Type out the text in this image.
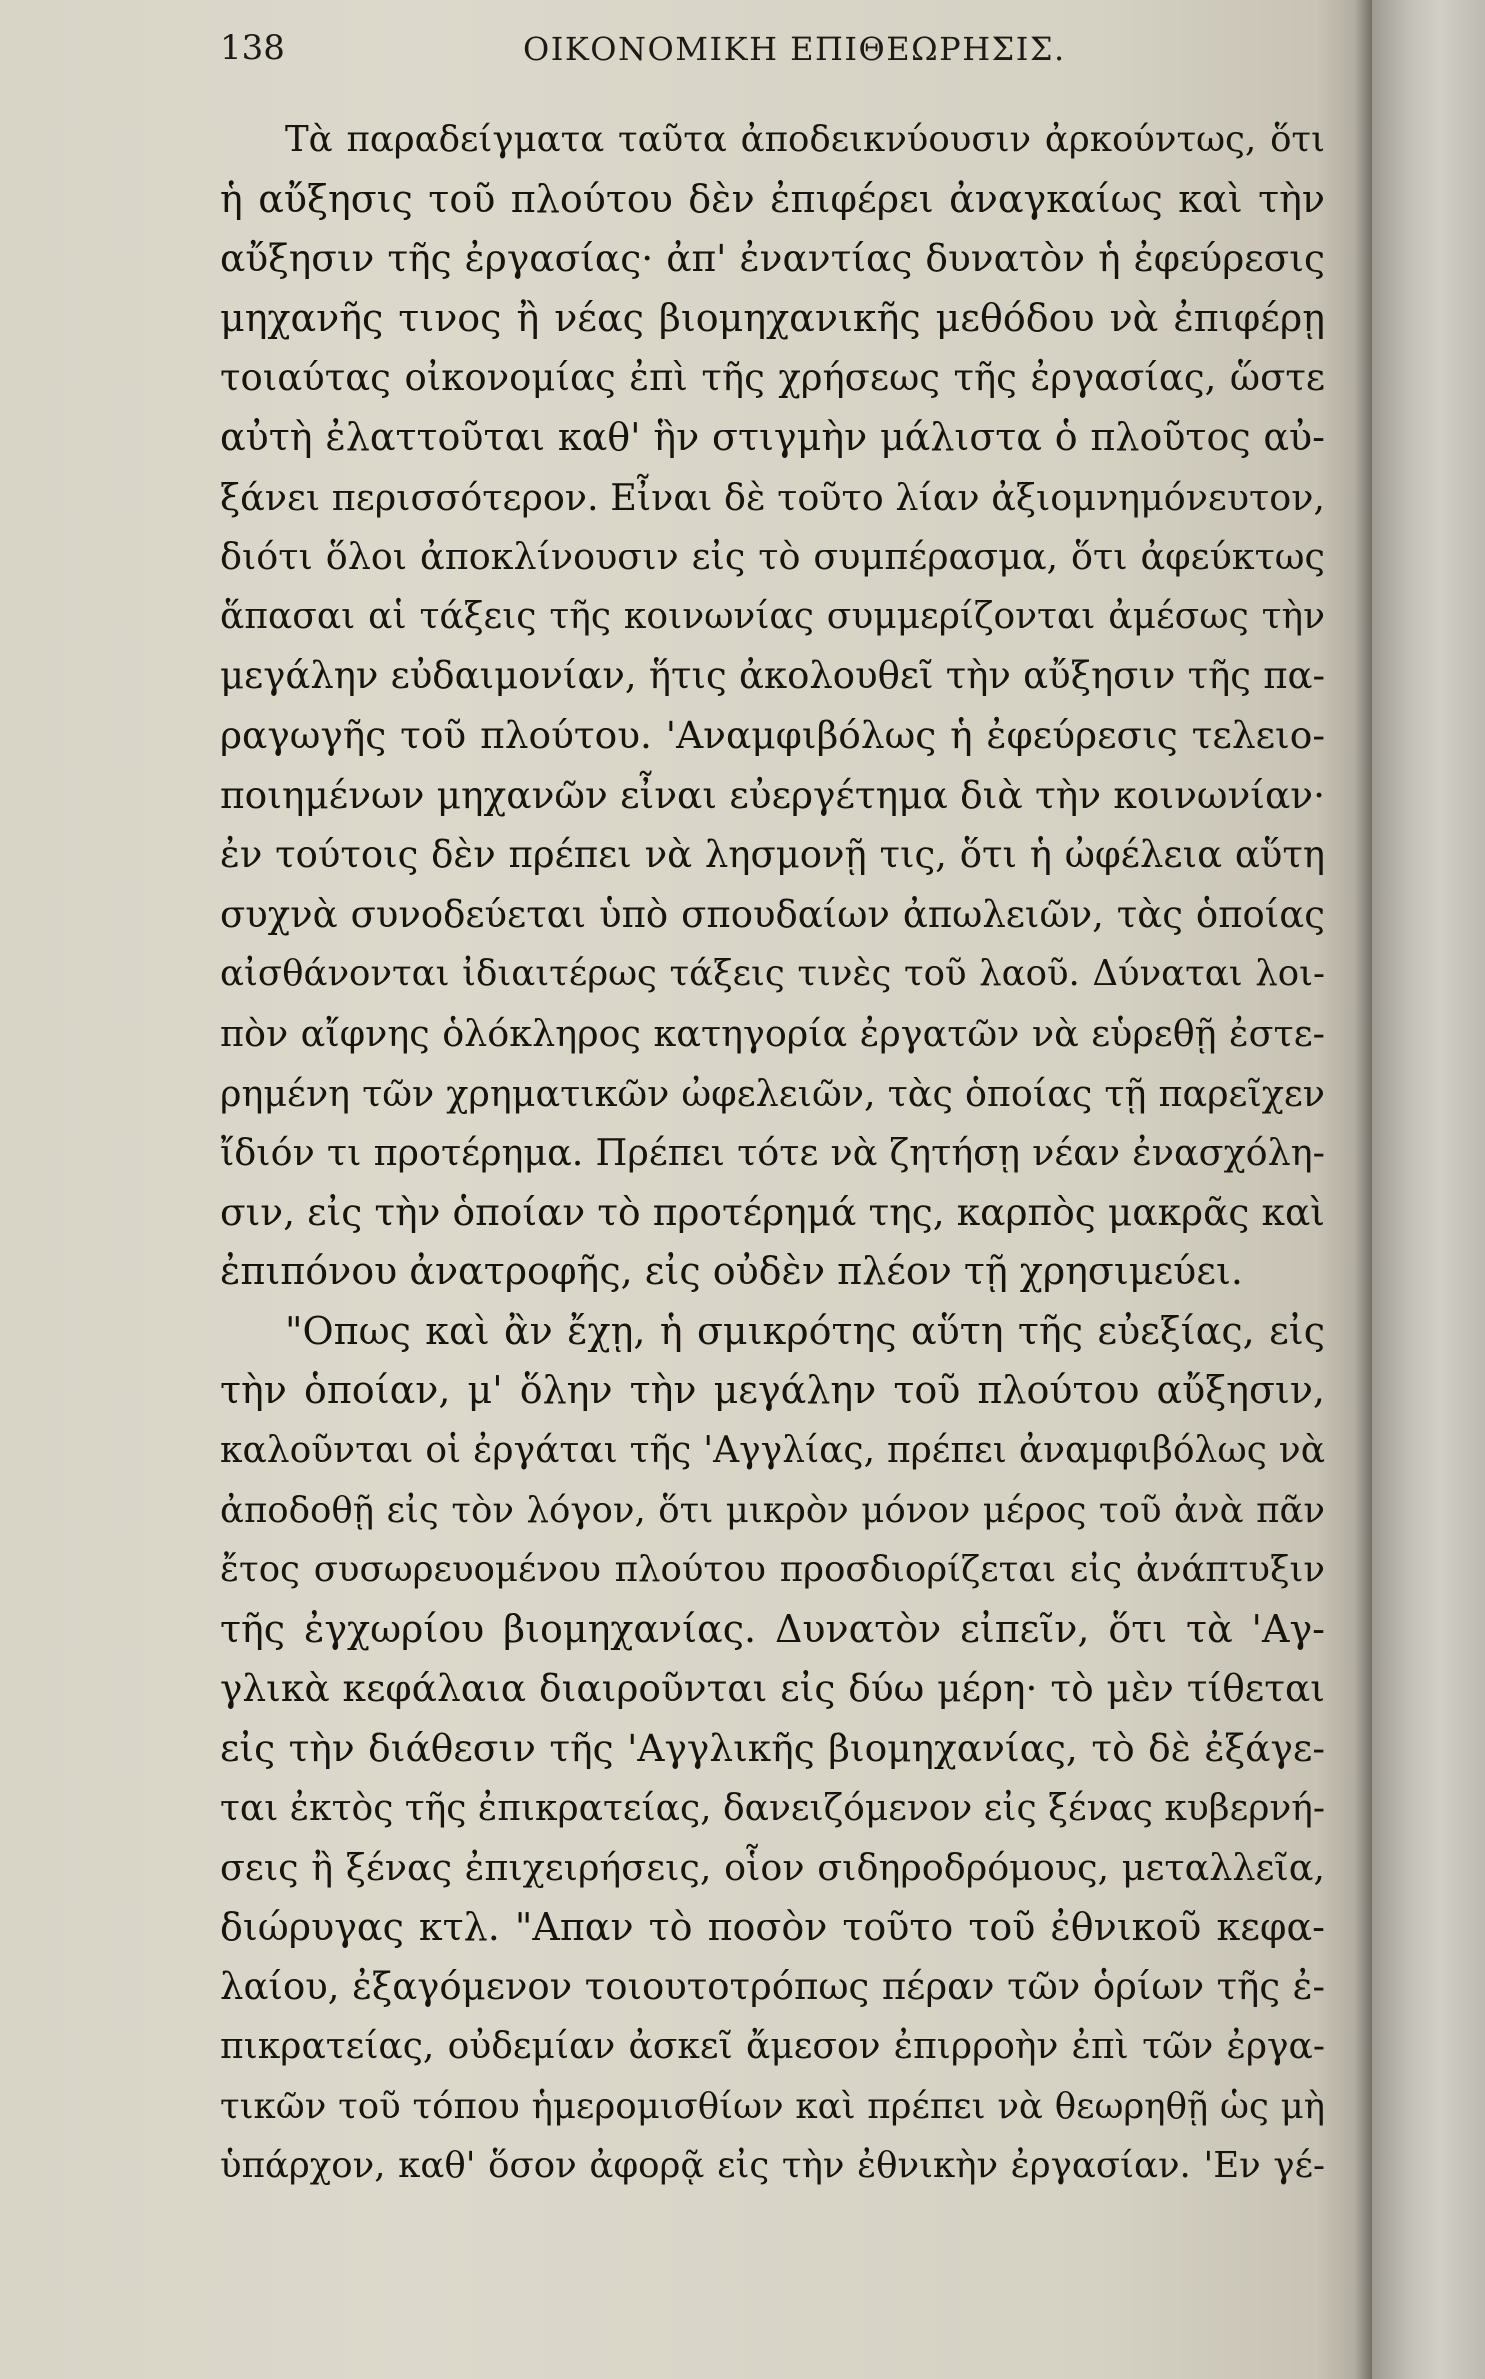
138	ΟΙΚΟΝΟΜΙΚΗ ΕΠΙΘΕΩΡΗΣΙΣ.
Τὰ παραδείγματα ταῦτα ἀποδεικνύουσιν ἀρκούντως, ὅτι
ἡ αὔξησις τοῦ πλούτου δὲν ἐπιφέρει ἀναγκαίως καὶ τὴν
αὔξησιν τῆς ἐργασίας· ἀπ' ἐναντίας δυνατὸν ἡ ἐφεύρεσις
μηχανῆς τινος ἢ νέας βιομηχανικῆς μεθόδου νὰ ἐπιφέρῃ
τοιαύτας οἰκονομίας ἐπὶ τῆς χρήσεως τῆς ἐργασίας, ὥστε
αὐτὴ ἐλαττοῦται καθ' ἣν στιγμὴν μάλιστα ὁ πλοῦτος αὐ-
ξάνει περισσότερον. Εἶναι δὲ τοῦτο λίαν ἀξιομνημόνευτον,
διότι ὅλοι ἀποκλίνουσιν εἰς τὸ συμπέρασμα, ὅτι ἀφεύκτως
ἅπασαι αἱ τάξεις τῆς κοινωνίας συμμερίζονται ἀμέσως τὴν
μεγάλην εὐδαιμονίαν, ἥτις ἀκολουθεῖ τὴν αὔξησιν τῆς πα-
ραγωγῆς τοῦ πλούτου. 'Αναμφιβόλως ἡ ἐφεύρεσις τελειο-
ποιημένων μηχανῶν εἶναι εὐεργέτημα διὰ τὴν κοινωνίαν·
ἐν τούτοις δὲν πρέπει νὰ λησμονῇ τις, ὅτι ἡ ὠφέλεια αὕτη
συχνὰ συνοδεύεται ὑπὸ σπουδαίων ἀπωλειῶν, τὰς ὁποίας
αἰσθάνονται ἰδιαιτέρως τάξεις τινὲς τοῦ λαοῦ. Δύναται λοι-
πὸν αἴφνης ὁλόκληρος κατηγορία ἐργατῶν νὰ εὑρεθῇ ἐστε-
ρημένη τῶν χρηματικῶν ὠφελειῶν, τὰς ὁποίας τῇ παρεῖχεν
ἴδιόν τι προτέρημα. Πρέπει τότε νὰ ζητήσῃ νέαν ἐνασχόλη-
σιν, εἰς τὴν ὁποίαν τὸ προτέρημά της, καρπὸς μακρᾶς καὶ
ἐπιπόνου ἀνατροφῆς, εἰς οὐδὲν πλέον τῇ χρησιμεύει.
"Οπως καὶ ἂν ἔχῃ, ἡ σμικρότης αὕτη τῆς εὐεξίας, εἰς
τὴν ὁποίαν, μ' ὅλην τὴν μεγάλην τοῦ πλούτου αὔξησιν,
καλοῦνται οἱ ἐργάται τῆς 'Αγγλίας, πρέπει ἀναμφιβόλως νὰ
ἀποδοθῇ εἰς τὸν λόγον, ὅτι μικρὸν μόνον μέρος τοῦ ἀνὰ πᾶν
ἔτος συσωρευομένου πλούτου προσδιορίζεται εἰς ἀνάπτυξιν
τῆς ἐγχωρίου βιομηχανίας. Δυνατὸν εἰπεῖν, ὅτι τὰ 'Αγ-
γλικὰ κεφάλαια διαιροῦνται εἰς δύω μέρη· τὸ μὲν τίθεται
εἰς τὴν διάθεσιν τῆς 'Αγγλικῆς βιομηχανίας, τὸ δὲ ἐξάγε-
ται ἐκτὸς τῆς ἐπικρατείας, δανειζόμενον εἰς ξένας κυβερνή-
σεις ἢ ξένας ἐπιχειρήσεις, οἷον σιδηροδρόμους, μεταλλεῖα,
διώρυγας κτλ. "Απαν τὸ ποσὸν τοῦτο τοῦ ἐθνικοῦ κεφα-
λαίου, ἐξαγόμενον τοιουτοτρόπως πέραν τῶν ὁρίων τῆς ἐ-
πικρατείας, οὐδεμίαν ἀσκεῖ ἄμεσον ἐπιρροὴν ἐπὶ τῶν ἐργα-
τικῶν τοῦ τόπου ἡμερομισθίων καὶ πρέπει νὰ θεωρηθῇ ὡς μὴ
ὑπάρχον, καθ' ὅσον ἀφορᾷ εἰς τὴν ἐθνικὴν ἐργασίαν. 'Εν γέ-
